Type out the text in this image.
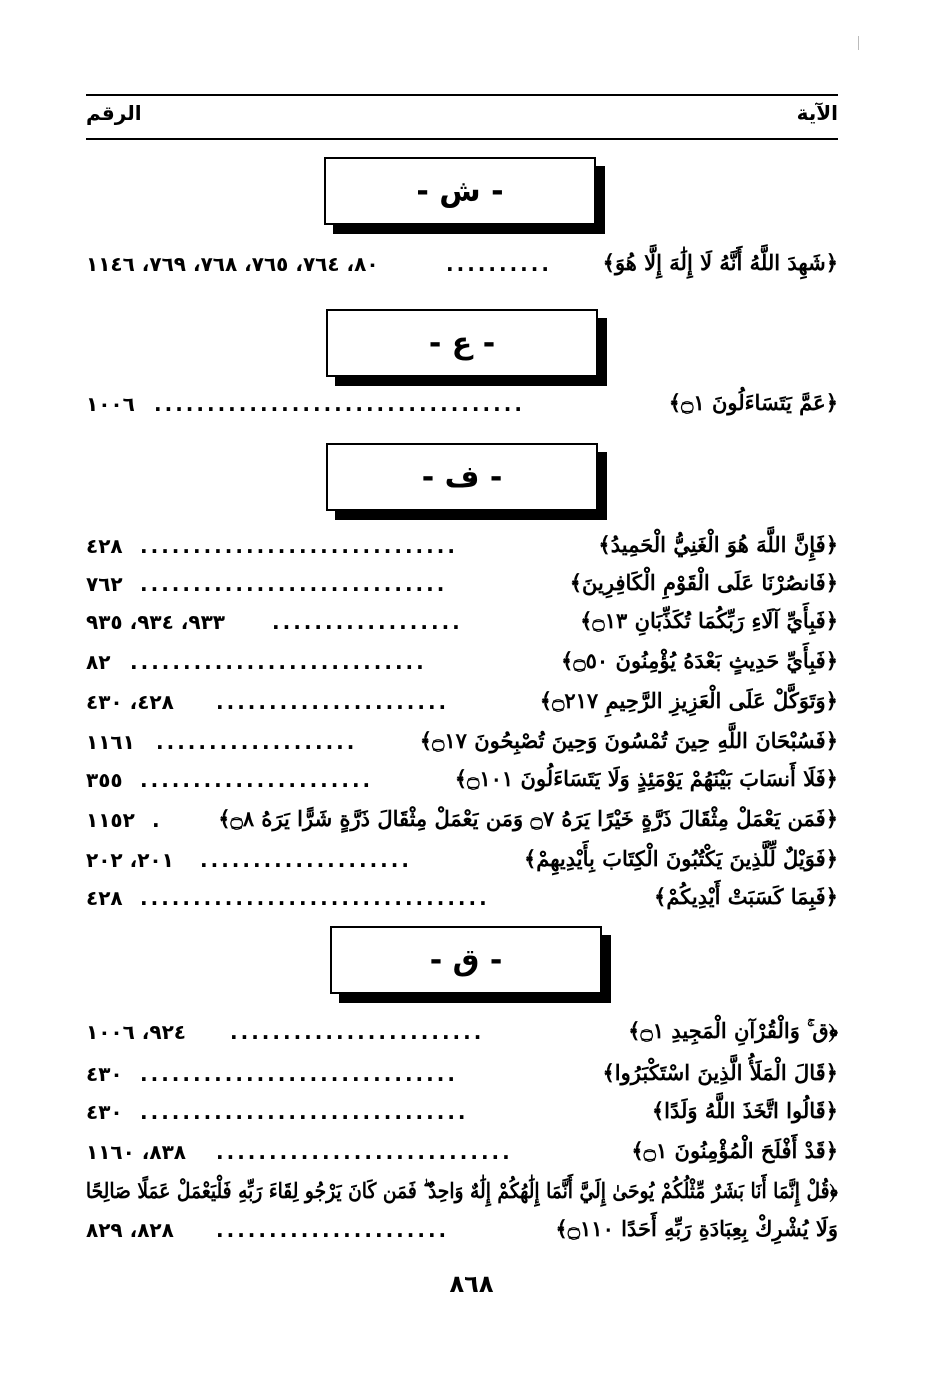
الآية
الرقم
- ش -
﴿شَهِدَ اللَّهُ أَنَّهُ لَا إِلَٰهَ إِلَّا هُوَ﴾
..........
٨٠، ٧٦٤، ٧٦٥، ٧٦٨، ٧٦٩، ١١٤٦
- ع -
﴿عَمَّ يَتَسَاءَلُونَ ۝١﴾
...................................
١٠٠٦
- ف -
﴿فَإِنَّ اللَّهَ هُوَ الْغَنِيُّ الْحَمِيدُ﴾
..............................
٤٢٨
﴿فَانصُرْنَا عَلَى الْقَوْمِ الْكَافِرِينَ﴾
.............................
٧٦٢
﴿فَبِأَيِّ آلَاءِ رَبِّكُمَا تُكَذِّبَانِ ۝١٣﴾
..................
٩٣٣، ٩٣٤، ٩٣٥
﴿فَبِأَيِّ حَدِيثٍ بَعْدَهُ يُؤْمِنُونَ ۝٥٠﴾
............................
٨٢
﴿وَتَوَكَّلْ عَلَى الْعَزِيزِ الرَّحِيمِ ۝٢١٧﴾
......................
٤٢٨، ٤٣٠
﴿فَسُبْحَانَ اللَّهِ حِينَ تُمْسُونَ وَحِينَ تُصْبِحُونَ ۝١٧﴾
...................
١١٦١
﴿فَلَا أَنسَابَ بَيْنَهُمْ يَوْمَئِذٍ وَلَا يَتَسَاءَلُونَ ۝١٠١﴾
......................
٣٥٥
﴿فَمَن يَعْمَلْ مِثْقَالَ ذَرَّةٍ خَيْرًا يَرَهُ ۝٧ وَمَن يَعْمَلْ مِثْقَالَ ذَرَّةٍ شَرًّا يَرَهُ ۝٨﴾
.
١١٥٢
﴿فَوَيْلٌ لِّلَّذِينَ يَكْتُبُونَ الْكِتَابَ بِأَيْدِيهِمْ﴾
....................
٢٠١، ٢٠٢
﴿فَبِمَا كَسَبَتْ أَيْدِيكُمْ﴾
.................................
٤٢٨
- ق -
﴿ق ۚ وَالْقُرْآنِ الْمَجِيدِ ۝١﴾
........................
٩٢٤، ١٠٠٦
﴿قَالَ الْمَلَأُ الَّذِينَ اسْتَكْبَرُوا﴾
..............................
٤٣٠
﴿قَالُوا اتَّخَذَ اللَّهُ وَلَدًا﴾
...............................
٤٣٠
﴿قَدْ أَفْلَحَ الْمُؤْمِنُونَ ۝١﴾
............................
٨٣٨، ١١٦٠
﴿قُلْ إِنَّمَا أَنَا بَشَرٌ مِّثْلُكُمْ يُوحَىٰ إِلَيَّ أَنَّمَا إِلَٰهُكُمْ إِلَٰهٌ وَاحِدٌ ۖ فَمَن كَانَ يَرْجُو لِقَاءَ رَبِّهِ فَلْيَعْمَلْ عَمَلًا صَالِحًا
وَلَا يُشْرِكْ بِعِبَادَةِ رَبِّهِ أَحَدًا ۝١١٠﴾
......................
٨٢٨، ٨٢٩
٨٦٨
